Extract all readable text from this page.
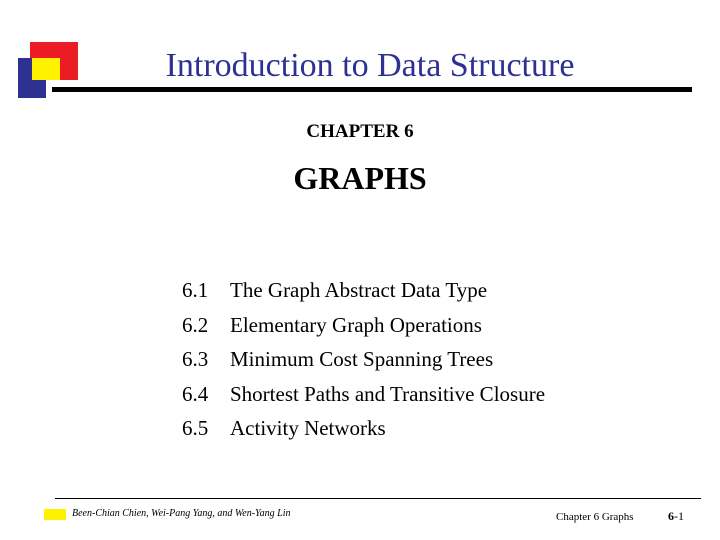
Introduction to Data Structure
CHAPTER 6
GRAPHS
6.1 The Graph Abstract Data Type
6.2 Elementary Graph Operations
6.3 Minimum Cost Spanning Trees
6.4 Shortest Paths and Transitive Closure
6.5 Activity Networks
Been-Chian Chien, Wei-Pang Yang, and Wen-Yang Lin	Chapter 6 Graphs	6-1
